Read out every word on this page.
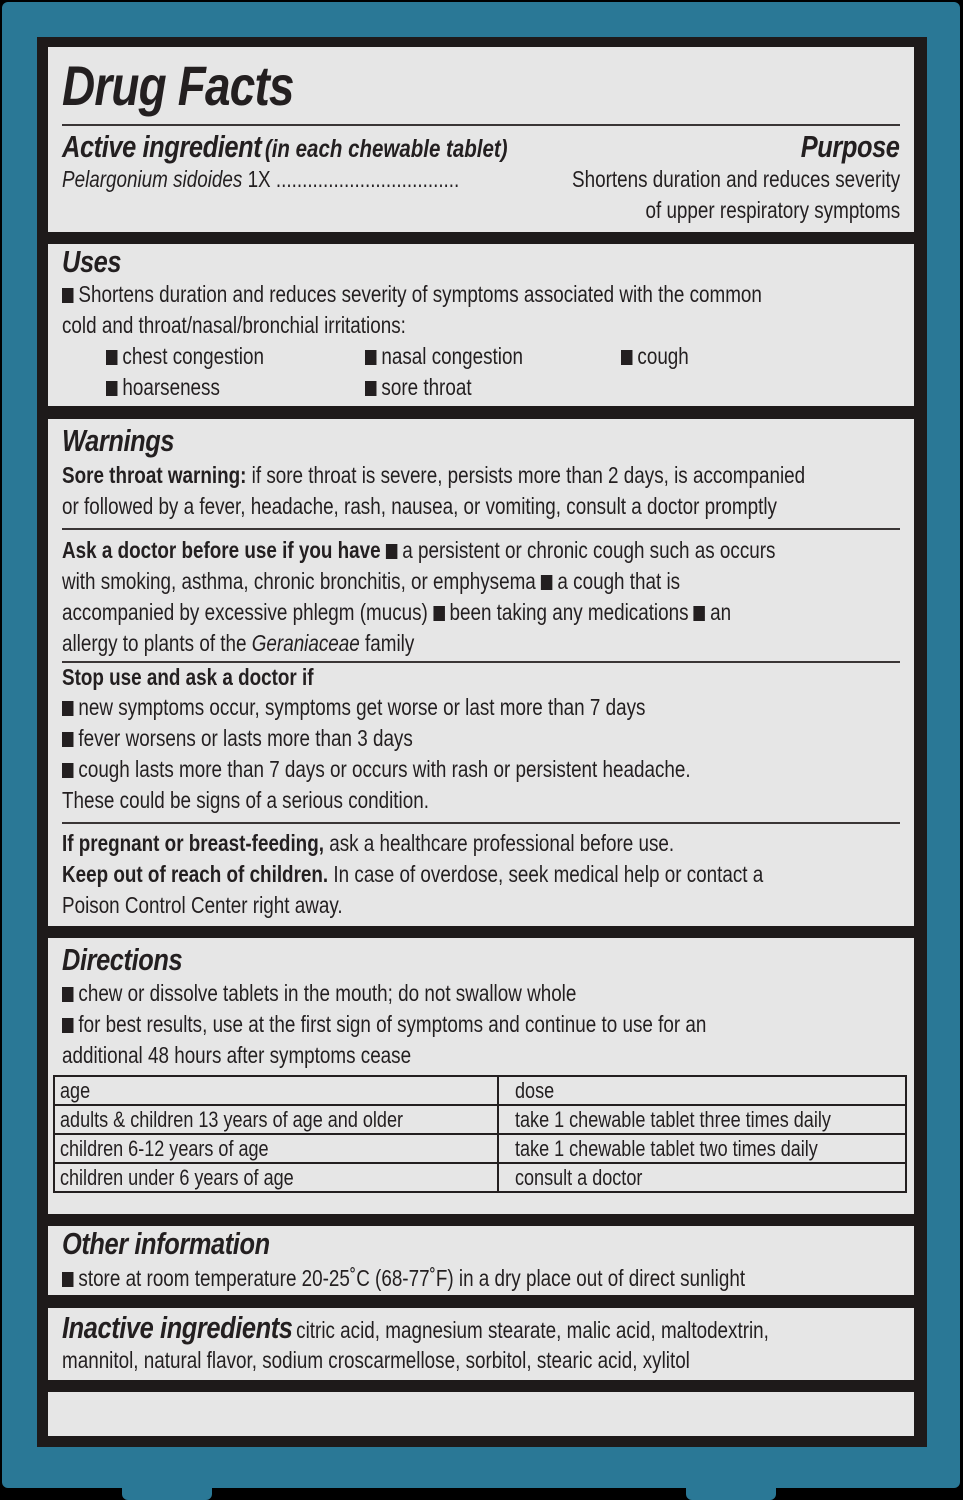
Drug Facts
Active ingredient (in each chewable tablet)	Purpose
Pelargonium sidoides 1X ...................................	Shortens duration and reduces severity
of upper respiratory symptoms
Uses
Shortens duration and reduces severity of symptoms associated with the common
cold and throat/nasal/bronchial irritations:
chest congestion	nasal congestion	cough
hoarseness	sore throat
Warnings
Sore throat warning: if sore throat is severe, persists more than 2 days, is accompanied
or followed by a fever, headache, rash, nausea, or vomiting, consult a doctor promptly
Ask a doctor before use if you have a persistent or chronic cough such as occurs
with smoking, asthma, chronic bronchitis, or emphysema a cough that is
accompanied by excessive phlegm (mucus) been taking any medications an
allergy to plants of the Geraniaceae family
Stop use and ask a doctor if
new symptoms occur, symptoms get worse or last more than 7 days
fever worsens or lasts more than 3 days
cough lasts more than 7 days or occurs with rash or persistent headache.
These could be signs of a serious condition.
If pregnant or breast-feeding, ask a healthcare professional before use.
Keep out of reach of children. In case of overdose, seek medical help or contact a
Poison Control Center right away.
Directions
chew or dissolve tablets in the mouth; do not swallow whole
for best results, use at the first sign of symptoms and continue to use for an
additional 48 hours after symptoms cease
age	dose
adults & children 13 years of age and older	take 1 chewable tablet three times daily
children 6-12 years of age	take 1 chewable tablet two times daily
children under 6 years of age	consult a doctor
Other information
store at room temperature 20-25˚C (68-77˚F) in a dry place out of direct sunlight
Inactive ingredients citric acid, magnesium stearate, malic acid, maltodextrin,
mannitol, natural flavor, sodium croscarmellose, sorbitol, stearic acid, xylitol
